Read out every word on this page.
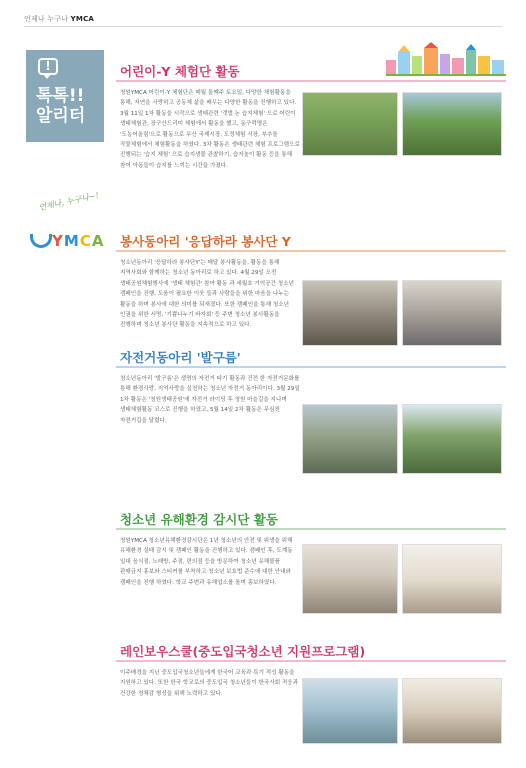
언제나 누구나 YMCA
!
톡톡!!
알리터
언제나, 누구나~!
YMCA
어린이-Y 체험단 활동
청원YMCA 어린이-Y 체험단은 매월 둘째주 토요일, 다양한 체험활동을 통해, 자연을 사랑하고 공동체 삶을 배우는 다양한 활동을 진행하고 있다. 3월 11일 1차 활동을 시작으로 생태관련 '갯벌 논 습지체험' 으로 어린이 생태체험관, 장구산드리미 체험에서 활동을 했고, 동구럭명은 '도농어울림'으로 활동으로 무산 국제시장, 도정체험 시장, 부추돌 작물체험에서 체험활동을 하였다. 3차 활동은 생태관련 체험 프로그램으로 진행되는 '습지 체험' 으로 습지생물 관찰하기, 습지놀이 활동 등을 통해 참여 아동들이 습지를 느끼는 시간을 가졌다.
봉사동아리 '응답하라 봉사단 Y
청소년동아리 '응답하라 봉사단Y'는 매달 봉사활동을, 활동을 통해 지역사회와 함께하는 청소년 동아리로 하고 있다. 4월 29일 오전 생태공원체험행사에 '생태 체험관' 참여 활동 과 세월호 기억공간 청소년 캠페인을 진행, 도움이 필요한 이웃 들과 사람들을 위한 마음을 나누는 활동을 하며 봉사에 대한 의미를 되새겼다. 또한 캠페인을 통해 청소년 인권을 위한 서명, '기쁨나누기 바자회' 등 주변 청소년 봉사활동을 진행하며 청소년 봉사단 활동을 지속적으로 하고 있다.
자전거동아리 '발구름'
청소년동아리 '발구름'은 생명의 자전거 타기 활동과 건전 한 자전거문화를 통해 환경사랑, 지역사랑을 실천하는 청소년 자전거 동아리이다. 3월 29일 1차 활동은 '청원생태공원'에 자전거 라이딩 후 청원 마을길을 지나며 생태체험활동 코스로 진행을 하였고, 5월 14일 2차 활동은 무심천 자전거길을 달렸다.
청소년 유해환경 감시단 활동
청원YMCA 청소년유해환경감시단은 1년 청소년의 안전 및 위생을 위해 유해환경 실태 감시 및 캠페인 활동을 진행하고 있다. 캠페인 후, 도계동 일대 음식점, 노래방, 주점, 편의점 등을 방문하여 청소년 유해물품 판매금지 홍보와 스티커를 부착하고 청소년 보호법 준수에 대한 안내와 캠페인을 진행 하였다. 학교 주변과 유해업소를 돌며 홍보하였다.
레인보우스쿨(중도입국청소년 지원프로그램)
이주배경을 지닌 중도입국청소년들에게 한국어 교육과 특기 적성 활동을 지원하고 있다. 또한 한국 학교로의 중도입국 청소년들이 한국사회 적응과 건강한 정체감 형성을 위해 노력하고 있다.
